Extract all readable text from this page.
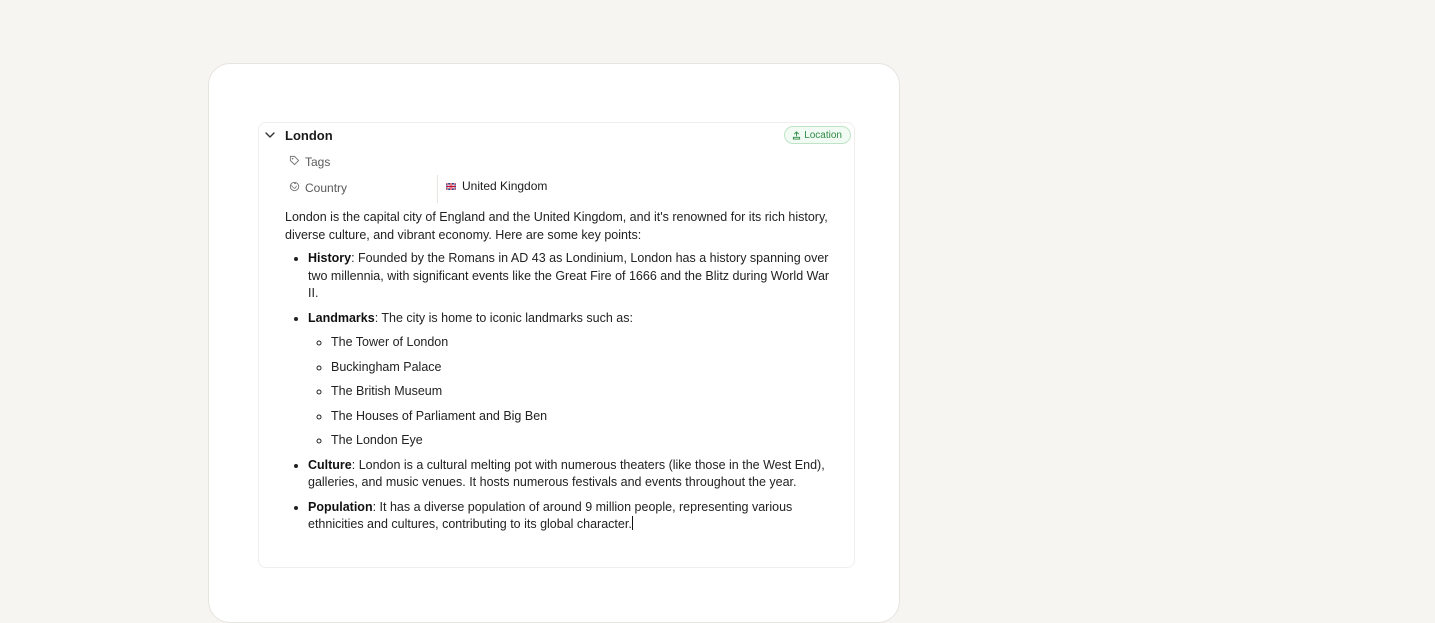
London	Location
Tags
Country	United Kingdom

London is the capital city of England and the United Kingdom, and it's renowned for its rich history, diverse culture, and vibrant economy. Here are some key points:

• History: Founded by the Romans in AD 43 as Londinium, London has a history spanning over two millennia, with significant events like the Great Fire of 1666 and the Blitz during World War II.
• Landmarks: The city is home to iconic landmarks such as:
◦ The Tower of London
◦ Buckingham Palace
◦ The British Museum
◦ The Houses of Parliament and Big Ben
◦ The London Eye
• Culture: London is a cultural melting pot with numerous theaters (like those in the West End), galleries, and music venues. It hosts numerous festivals and events throughout the year.
• Population: It has a diverse population of around 9 million people, representing various ethnicities and cultures, contributing to its global character.
